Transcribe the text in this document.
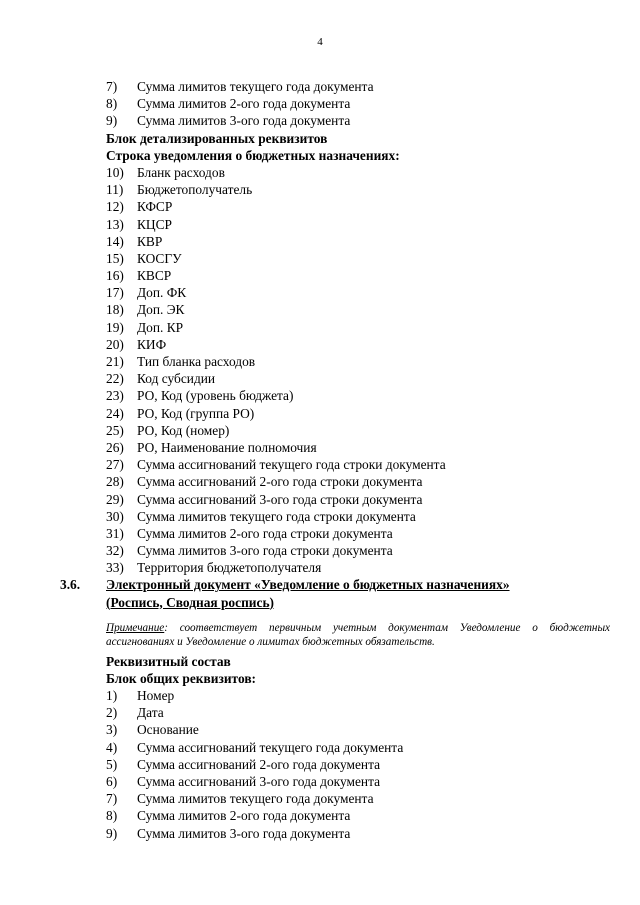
4
7) Сумма лимитов текущего года документа
8) Сумма лимитов 2-ого года документа
9) Сумма лимитов 3-ого года документа
Блок детализированных реквизитов
Строка уведомления о бюджетных назначениях:
10) Бланк расходов
11) Бюджетополучатель
12) КФСР
13) КЦСР
14) КВР
15) КОСГУ
16) КВСР
17) Доп. ФК
18) Доп. ЭК
19) Доп. КР
20) КИФ
21) Тип бланка расходов
22) Код субсидии
23) РО, Код (уровень бюджета)
24) РО, Код (группа РО)
25) РО, Код (номер)
26) РО, Наименование полномочия
27) Сумма ассигнований текущего года строки документа
28) Сумма ассигнований 2-ого года строки документа
29) Сумма ассигнований 3-ого года строки документа
30) Сумма лимитов текущего года строки документа
31) Сумма лимитов 2-ого года строки документа
32) Сумма лимитов 3-ого года строки документа
33) Территория бюджетополучателя
3.6. Электронный документ «Уведомление о бюджетных назначениях»
(Роспись, Сводная роспись)
Примечание: соответствует первичным учетным документам Уведомление о бюджетных ассигнованиях и Уведомление о лимитах бюджетных обязательств.
Реквизитный состав
Блок общих реквизитов:
1) Номер
2) Дата
3) Основание
4) Сумма ассигнований текущего года документа
5) Сумма ассигнований 2-ого года документа
6) Сумма ассигнований 3-ого года документа
7) Сумма лимитов текущего года документа
8) Сумма лимитов 2-ого года документа
9) Сумма лимитов 3-ого года документа
